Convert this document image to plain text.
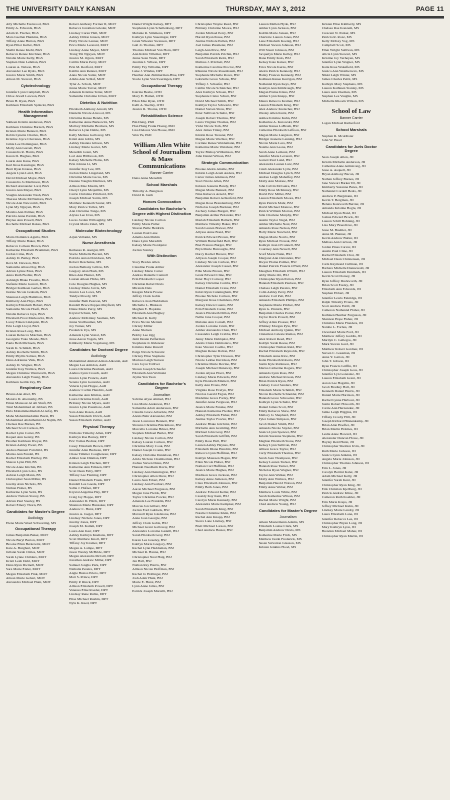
THE UNIVERSITY DAILY KANSAN	THURSDAY, MAY 3, 2012	PAGE 11
Ally Michelle Eastwood, BGS
Emily A. Edwards, BGS
Adam R. Fischer, BGS
Mara Luellen Hunkins, BGS
Tiffany Anne Hutton, BGS
Ryan Elliot Keller, BGS
Shelbi Renee Kiehl, BGS
Rebecca Renee Kirchner, BGS
Natalie Marie Kelly, BGS
Stephen Dale Lehman, BGS
Lauren A. Nelson, BGS
Alexander Lee Ryals, BGS
Jessica Marie Smith, BGS
Alison M. Stewart, BGS
Cytotechnology
Jennifer Lynn Campbell, BGS
Chloe Jewell Lawson, BGS
Brian H. Ryan, BGS
Kathleen Elizabeth Spilecki, BGS
Health Information Management
Sahleen Kristin Anderson, BGS
Kathleen Christine Bartsch, BGS
Kristen Marie Bennett, BGS
Robin Lynette Charles, BGS
Kristine Joyce Chavanes, BGS
Jamie Lee Dominguez, BGS
Molly Ann Garrett, BGS
Cassandra R. Harris, BGS
Karen D. Hughes, BGS
Laurie Ann Kane, BGS
Keri Rose Kessinger, BGS
Brett Ryan Krause, BGS
Angela Lynn Laird, BGS
David Michael Major, BGS
Cassandra Jo Martinson, BGS
Richard Alexander Lord, BGS
Jessica Ann Meyer, BGS
Vaughn Alexander Nash, BGS
Theresa Marie McNamara, BGS
Nicole Ann Newcomb, BGS
Lynn My Nguyen, BGS
Marsha Ann Palmer, BGS
Patricia Anne Parrish, BGS
Haylee Ann Powell, BGS
Rochelle Michael Rakes, BGS
Occupational Studies
Maria Dominica Aguila, BGS
Tiffany Marie Baker, BGS
Rebecca Colleen Brown, BGS
Katherine Elizabeth Brummett, BGS
Jordan Crine, BGS
Ashley D. Bailey, BGS
Reva M. Dawson, BGS
Samantha Alissa Day, BGS
Adrian Lynne Ensz, BGS
Anna Ruth Fiedler, BGS
Ashleigh Blake Fiorella, BGS
Stefanie Marie Garrett, BGS
Bridget Kathleen Gerber, BGS
Justine Nicole Graham, BGS
Shannon Leigh Hamilton, BGS
Kimberly Ann Hays, BGS
Kathryn Elizabeth Hebert, BGS
Samantha Nicole Hoeft, BGS
Natalie Rebecca Jaye, BGS
Elizabeth Frost Markowitz, BGS
Lacey Eileen Lindquist, BGS
Erin Leigh Lloyd, BGS
Kristen Rose Long, BGS
Lauren Rebecca Matchen, BGS
Georgette Yoko Meade, BGS
Paula Beth Michaels, BGS
Sarah K. Schmidt, BGS
Ashley Rochelle Smith, BGS
Emily Phyllis Saltzer, BGS
Dana Adrienne Vink, BGS
Ashley D. Wagner, BGS
Jennifer Kay Wallace, BGS
Megan Christine Wentworth, BGS
Alexandra Leigh Young, BGS
Kathleen Gerlik Zey, BS
Respiratory Care
Briana Ann Abel, BS
Monica D. Abernathy, BS
Eman Mansour Al Ali Shafi, BS
Talal Mohammed Al Jabberi, BS
Hala Mohammedmahdi Al Arfaj, BS
Maha Mohammedamin Bazzi, BS
Mohammed Abdulhamid Al Najim, BS
Chelsea Rae Barnes, BS
Michael Scott Carlson, BS
Rachel Lynn Carter, BS
Raquel Ann Gentry, BS
Heather Kathleen Dwyer, BS
Kristen Ashley Ewert, BS
Andrea Bennett Fairchild, BS
Marisa Ann Fendel, BS
Rachel Elizabeth Hartley, BS
Sharon Lynn Hill, BS
Nicole Anne Kitchin, BS
Elizabeth Lynn Lobo, BS
Ashton Leigh Mann, BS
Christopher Sean Miller, BS
Jeremy Alan Nichols, BS
Nathan Fisher, BS
Katharine Lynn Seitz, BS
Andrew Nelson Stacey, BS
Adrian Paul Steeley, BS
Robert Emery Thorn, BS
Candidates for Master's Degree
Audiology
Elena Marie Weed Schwarting, MS
Occupational Therapy
James Benjamin Baker, MOT
Nicole Beryl Barton, MOT
Brooke Ellen Berkowitz, MOT
Kate A. Burghart, MOT
Jullann Sarah Chiles, MOT
Sarah Lynne Childers, MOT
Kristi Leah Dahl, MOT
Dana Ryan Dwinell, MOT
Sara Marie Eisler, MOT
Megan Elizabeth Fink, MOT
Alison Marie Gebert, MOT
Alexandra Michael Hunt, MOT
Robert Anthony Fortner II, MOT
Rebecca Jonathan Grieder, MOT
Lindsey Carter Hall, MOT
Ashley Dillon Jensen, MOT
Holly Nicole Lenner, MOT
Erica Marie Leonard, MOT
Lindsay Anne Meyer, MOT
Trang Thi Nguyen, MOT
Jessica M. Ogren, MOT
Caitlin Marie Perry, MOT
Erin M. Redford, MOT
Kaitlin Ann Renner, MOT
Anna Nicole Sailer, MOT
Alisha Ann Schlaf, MOT
Tyler A. Scholz, MOT
Jenna Marie Tarver, MOT
Amanda Kristine Tetter, MOT
Samantha Christine Urban, MOT
Dietetics & Nutrition
Elizabeth Anthony Arnold, MS
Danielle Nicole Atwood, MS
Christina Renee Benda, MS
Katherine Anne Berkowitz, MS
Mallory Michelle Brothers, MS
Rebecca Lynn Dahle, MS
Kelly Melissa Galloway, MS
Kristi Ann Gibbs, MS
Ashley Deanna Gibson, MS
Lindsey Marie Gorter, MS
Meredith Grant, MS
Lori Ann Hillbrook, MS
Kelsey Michelle Hoins, MS
Erin Johnna Li, MS
Jennifer Kay Lee, MS
Jordan Marie Lingeland, MS
Christina Marie Lucas, MS
Deanna Vaughn Martinez, MS
Allison Mae Mastin, MS
Cheryl Lynn Mcquillin, MS
Carrie Christine Pritchard, MS
Joseph Michael Sartin, MS
Matthew Kenneth Sauter, MS
Mary Patrice Talbot, MS
Ann Christine Tonge, MS
Alyssa Lee Ursu, MS
Lucas Jordan Willoughby, MS
Crystal Maria Zakri, MS
Molecular Biotechnology
Arjun Vellanki, MS
Nurse Anesthesia
Rethessa R. Aseigui, MS
Stacie Michelle Bacani, MS
Patricia Anton Davidson, MS
Robert Deschaine, MS
Jordan Bethany Gillow, MS
Gregory Alan Hash, MS
Rhea Ann Hunter, MS
Lauren Aileen Hicks, MS
Cole Douglas Hughes, MS
Lindsay Marie Jarvis, MS
Jessica Lea Lowe, MS
Tandye Moody, MS
Jennifer Beth Pearson, MS
Randall Bruce Pepper-Mayfield, MS
Diane Marie Perry, MS
Krystal Schutz, MS
Andrew McKinley Seaman, MS
Jenna Stallbaumer, MS
Joy Turner, MS
Frederick Uys, MS
Amanda Lynn Vestal, MS
Jesse Aaron Vogels, MS
Kimberly Marie Vogelsang, MS
Candidates for Doctoral Degree
Audiology
Mohammad Ahmad Adnan Alkozah, AuD
Megan Lee Amidon, AuD
Laura Christine Bonham, AuD
Andrea Lynn Crouch, AuD
Jessica Lynn Francis, AuD
Serena Lynn Gonzales, AuD
Valerie Lynn Hoppe, AuD
Andrew Corbin Hendrix, AuD
Katherine Ann Klimas, AuD
Laura Christine Kraft, AuD
Brittany Nicole Myers, AuD
Jessica Lynn Passmore, AuD
Sara Anne Rosen, AuD
Susan Elizabeth Ulrich, AuD
Susan Elizabeth Zeiller, AuD
Physical Therapy
Nicholas Timothy Allen, DPT
Kathryn Rae Barney, DPT
Eric Tomas Bodnar, DPT
Casey Elizabeth Brown, DPT
Jennifer Alan Budreau, DPT
Chase Timmer Coughenour, DPT
Amber Jean Dinman, DPT
Kristen Leigh Eischen, DPT
Katherine Ann Eriksen, DPT
Scott Dean Felty, DPT
Tiffany Lee Fleming, DPT
Daniel Elizabeth Frank, DPT
Randall Lee Gaede, DPT
Sallie J. Hafner, DPT
Krystal Angeline Hay, DPT
Craig Jay Hoppe, DPT
Alexander D. Hitch, DPT
Shannon Marie Hunsaker, DPT
Andrew C. Hurst, DPT
Jessica A. Jaeger, DPT
Lindsey Nichole Jones, DPT
Jeremy Jones, DPT
Joseph M. Kamm, DPT
Laura Ann Kerr, DPT
Ashley Kathryn Knehans, DPT
Scott Matthew Knoll, DPT
Tiffany Joy Kramer, DPT
Megan A. Lampe, DPT
Jason Wesley McBride, DPT
Megan Alexandra McGill, DPT
Jonathan Andrew Miller, DPT
Samuel Jongho Park, DPT
Nathalia Pereira, DPT
Angie Bustos Prieto, DPT
Matt S. Prince, DPT
Emily P. Rinck, DPT
Allison Elizabeth Powell, DPT
Vanessa Elise Roeder, DPT
Lindsay Rene Ruble, DPT
Elise Michael Rushin, DPT
Nyla K. Reed, DPT
Daniel Wright Kelsey, DPT
Stephanie Lynn Schellenberg, DPT
Melanie R. Simmons, DPT
Kathryn Lynn Sneeringer, DPT
Grant Wheeler Swanson, DPT
Gail Jo Thomas, DPT
Thomas Michael Van Horn, DPT
Ann Robin Villemar, DPT
Jenne Sean Wade, DPT
Jeremie I. Wilson, DPT
Emily Fay Wiltamu, DPT
Luke J. Windus, DPT
Heather Ann Zimmerman-Hise, DPT
Stacie Lynn Van Sweringen, DPT
Occupational Therapy
Katrina Beebe, OTD
Mary E. Hamel, OTD
Ellen Mae Ryan, OTD
Kelli A. Skelley, OTD
Jessica R. Thorne, OTD
Rehabilitation Science
Bin Deng, PhD
Hon Hung Frank Hoang, PhD
Lisa Delores Van Hoose, PhD
Wen Yu, PhD
William Allen White School of Journalism & Mass Communications
Banner Carrier
Dena Anne Meredith
School Marshals
Timothy A. Bengtson
David R. Guth
Honors Convocation
Candidates for Bachelor's Degree with Highest Distinction
Lindsay Nicole Carlton
Emily Marie Fuller
Sharon Belle Heidrick
Lauren Paul Lane
Amelia Ann Mahin
Dana Lynn Meredith
Kelsey Marie Nordquist
Jordan Stanley
With Distinction
Stacy Bredes Allen
Claudine Frank Aliller
Lindsey Marie Carter
Andrea Danielle Cantrell
Erin Elizabeth Cooper
Christian Rebel Davis
Miranda Deis
Reagan Marie Froese
Jeffrey Clark Gable
Rebecca Jean Haddaman
Michelle L. Hinkson
Meghan E. Hopkins
Elizabeth Ann Hughey
Michael R. Kelly
Erica Nicole Mettam
Christy Miller
Anne Nielsen
Bobby Lee Ogg
Jami Deann Pefferman
Stephanie Jo Ridenour
Kristina Rene Ruwell
Paige Nicole Schwartz
Chrissy Elise Stephens
Marissa Leigh Stetson
Cara Joyce Tolliver
Shawn Joseph Schaefer
Elizabeth Ann Wolinski
Jayme Yen Tuan
Candidates for Bachelor's Degree
Journalism
Sabrina Alyse Ahmed, BSJ
Lisa Marie Anderson, BSJ
Samantha Adair Andersson, BSJ
Claudia Grace Arbuckle, BSJ
Alexis Bahr Alexander, BSJ
Jason Lawrence Bennett, BSJ
Shawna Christine Blackmore, BSJ
Marcella Lorraine Briner, BSJ
Stephen Michael Butler, BSJ
Lindsey Nicole Carlton, BSJ
Kelsey Lauren Carlson, BSJ
Christine Mary Cook, BSJ
Daniel Joseph Cronin, BSJ
Kelsey Christine Danielson, BSJ
Alicia Nichole Chamberlain, BSJ
Joshua Steven Dales, BSJ
Hannah Needham Davis, BSJ
Lindsey Ann Dennington, BSJ
Christopher Allen Drew, BSJ
Laura Jean Erbert, BSJ
Lindsey Ann Everhart, BSJ
Aaron Michael Ferguson, BSJ
Megan Jane Fields, BSJ
Taylor Christina Fowler, BSJ
Amanda Lee Franklin, BSJ
Marcus Jon Gilbert, BSJ
Jordan Ford Gubbels, BSJ
Maxwell Ryan Gladstone, BSJ
Anna Joan Georgie, BSJ
Jeffrey Clark Gable, BSJ
Michael Grant Galloway, BSJ
Alexandra Lorraine Gaskill, BSJ
Sarah Elizabeth Gray, BSJ
Karen Lee Greeley, BSJ
Kaitlyn Marie Gregory, BSJ
Rachel Lynn Haddaman, BSJ
Michael R. Hanna, BSJ
Christopher Neal Haig, BSJ
Jan Hall, BSJ
Nathan Ray Harris, BSJ
Allison Nicole Hoffman, BSJ
Rachel Jo Hollinger, BSJ
Josh Adair Hunt, BSJ
Marie E. Hurst, BSJ
Lynn Anne Jalisa, BSJ
Patrick Joseph Martelli, BSJ
Christopher Wayne Reed, BSJ
Brittany Christine Moore, BSJ
Jordan Michael Perry, BSJ
Harold Ryan Pease, BSJ
Justine Nichole Pullen, BSJ
Joel James Plasmeier, BSJ
Leigh Ann Price, BSJ
Benjamin Patrick Prichin, BSJ
Sarah Elizabeth Reitz, BSJ
Melissa J. Pritchett, BSJ
Katherine Caroline Proctor, BSJ
Rhianna Nicole Rosenbaum, BSJ
Stephanie Michelle Rowe, BSJ
Gabrielle Grace Schans, BSJ
Tiffany J. Schaefer, BSJ
Caitlin Nicole Schleicher, BSJ
Alex Kathryn Schoen, BSJ
Stephanie Claire Schutt, BSJ
David Michael Smith, BSJ
Kathlyn Taylor Schwartz, BSJ
Daniel Steven Shaw, BSJ
Peter Sullivan Schultz, BSJ
Joseph Robert Thomas, BSJ
Laura Virginia Thomas, BSJ
Vicki Nicole Toth, BSJ
Alex James Tinley, BSJ
Kirstin Rose Treaster, BSJ
Megan Marie Wachter, BSJ
Corinne Renee Weidemann, BSJ
Katherine Marie Weishaar, BSJ
Taylor Bishop Williamson, BSJ
John Daniel Wilson, BSJ
Strategic Communication
Brooke Alexis Ainslie, BSJ
Kristin Leigh Aram Anders, BSJ
Carter James Atkinson, BSJ
Staci Nicole Allen, BSJ
Kristen Jeanette Bandy, BSJ
Megan Marie Bennett, BSJ
Nina Rebecca Arnold, BSJ
Benjamin Robert Achterfeld, BSJ
Megan Rose Brandenburg, BSJ
Nicholas Joseph Buckner, BSJ
Zachary James Burgett, BSJ
Benjamin Arthur Bolander, BSJ
Mariah Elizabeth Balluch, BSJ
Matthew Timothy Baker, BSJ
Sarah Lauren Brewer, BSJ
Allyssa Anne Bond, BSJ
Patrick Edward Brown, BSJ
William Butterfield Bell, BSJ
Bret Frances Burger, BSJ
Bryn Marie Burroughs, BSJ
Darcy Rachel Brewer, BSJ
Allyson Joseph Cooper, BSJ
Lindsey Nicole Carlson, BSJ
Alexander Joseph Cassel, BSJ
Ellie Marie Brown, BSJ
Grant Edward Cline, BSJ
Peter Hoyt Conway, BSJ
Kelsey Christine Combs, BSJ
Daniel Elizabeth Crane, BSJ
Kristi Ryan Cunningham, BSJ
Brooke Nichole Carlson, BSJ
Margaret Rose Chambers, BSJ
Kelsey Dawn Counts, BSJ
Erin Elizabeth Carter, BSJ
Jessica Elizabeth Dillon, BSJ
Nellie Jane Cooper, BSJ
Melanie Ann Cornell, BSJ
Jordan Lorraine Crum, BSJ
Amber Alexandra Chen, BSJ
Cassandra Leigh Crabbe, BSJ
Jenny Marie Dahlquist, BSJ
Alexis Claire Delmonico, BSJ
Kate Vincent Coelho, BSJ
Meghan Renee Dalton, BSJ
Christopher Tyler Dawson, BSJ
Nicole LeRae Davidson, BSJ
Christine Marie Devine, BSJ
Joseph Michael Dunaway, BSJ
Jordan Alyssa Ebert, BSJ
Lindsey Marie Edwards, BSJ
Kyle Elizabeth Emmett, BSJ
Kelly Ann Evans, BSJ
Virginia Rose Evelyn, BSJ
Nicolas Gerald Fagan, BSJ
Madeline Grace Farley, BSJ
Jennifer Anne Ferguson, BSJ
Jessica Marie Fenske, BSJ
Hannah Katherine Fiedler, BSJ
Ashley Elizabeth Fisher, BSJ
Justine Taylor Fowler, BSJ
Andrew Blake Gilchrist, BSJ
Michelle Ann Gramling, BSJ
Michael John Gray, BSJ
Sarah Elizabeth Griffith, BSJ
Emily Rose Hall, BSJ
Lauren Ashley Haynes, BSJ
Elizabeth Diane Hendrix, BSJ
Rebecca Lynn Hoffman, BSJ
Kaitlyn Maureen Hogan, BSJ
Ellen Nicole Huber, BSJ
Nathan Carl Huffman, BSJ
Jessica Marie Hughes, BSJ
Madison Grace Jackson, BSJ
Kelsey Anne Jameson, BSJ
Clare Elizabeth Johnson, BSJ
Emily Beth Jones, BSJ
Andrew Edward Keller, BSJ
Cassidy Kay Kent, BSJ
Carolyn Marie Kennedy, BSJ
Alexandra Marie Kempker, BSJ
Sarah Elizabeth King, BSJ
Natalie Christine Klein, BSJ
Rachel Ann Knapp, BSJ
Sierra Lane Lindsey, BSJ
Brett Michael Larson, BSJ
Chad Andrew Hester, BSJ
Lauren Mellen Hyde, BSJ
Amber Lynn Jackson, BSJ
Kaitlin Marie Jansen, BSJ
Charlotte Lauren Jones, BSJ
Lane Elizabeth Koenig, BSJ
Michael Steven Johnson, BSJ
Will Stuart Johnson, BSJ
Jacquelyn Marie Kelley, BSJ
Dana Emily Kalo, BSJ
Kelsey Kate Kaiser, BSJ
Erica Nicole Kerns, BSJ
Alexis Patrick Kennedy, BSJ
Hailey Frances Kennedy, BSJ
Kathleen Renee Kerrigan, BSJ
Nathaniel Ryan Keys, BSJ
Katelyn Ann Kimbrough, BSJ
Megan Elaine Klaus, BSJ
Amber Lynn Knapp, BSJ
Maura Rebecca Kramer, BSJ
Lauren Elizabeth Krug, BSJ
Alex Andrew Kreischer, BSJ
Wesley Allen Kurtz, BSJ
Ashlee Kristine Kuhn, BSJ
Katharine A. Kurowski, BSJ
Amber Renee LaBrash, BSJ
Catherine Elizabeth Laffoon, BSJ
Megan Marie Langston, BSJ
Bridget Jeanette Lanning, BSJ
Nicole Marie Lara, BSJ
Natalie Ann Leone, BSJ
Sarah Anne Lemaux, BSJ
Jennifer Marie Leverett, BSJ
Garrett Paul Lund, BSJ
Alexandra Lauren Lutz, BSJ
Caleb Alexander Lytle, BSJ
Michael Douglas Lynch, BSJ
Andrea Leigh Mahaffey, BSJ
Molly Ann Malone, BSJ
John Calvin McGuire, BSJ
Emily Rose McKinney, BSJ
David Eric Miller, BSJ
Lauren Elizabeth Moore, BSJ
Ryan Patrick Mohr, BSJ
David Michael Monroe, BSJ
Patrick William Morton, BSJ
Julie Charlene Murphy, BSJ
Austin Taylor Nagel, BSJ
Amber Michelle Neal, BSJ
Amanda Rose Nelson, BSJ
Holly Marie Newbold, BSJ
Megan Marie Norris, BSJ
Ryan Michael Nowak, BSJ
Kathryn Jean O'Connell, BSJ
Courtney Ann Newell, BSJ
Scarf Marie Nunn, BSJ
Margaret Ann Ostrander, BSJ
Dwyer Elaine Palmer, BSJ
Daniel Patrick Francis O'Neil, BSJ
Meaghan Elizabeth O'Neill, BSJ
Abby Marie Ott, BSJ
Christopher Ryan Patton, BSJ
Hannah Elizabeth Paulson, BSJ
Chelsea Leigh Pereira, BSJ
Colin Ashley Perry, BSJ
Andrew Carl Pett, BSJ
Amanda Elizabeth Phillips, BSJ
Stephanie Marie Pilcher, BSJ
Ryan G. Pinnick, BSJ
Benjamin Charles Porter, BSJ
Taylor Davis Powell, BSJ
Jeffrey Allen Prosser, BSJ
Whitney Morgan Pyle, BSJ
Michael Anthony Quinn, BSJ
Cinnamon Celeste Ramos, BSJ
Alex Robert Reed, BSJ
Kaitlyn Sarah Reese, BSJ
Christopher Nathan Reid, BSJ
Rachel Elizabeth Reynolds, BSJ
Elizabeth Anne Rice, BSJ
Katie Elizabeth Roberts, BSJ
Justin Kyle Robinson, BSJ
Marisa Catherine Rogers, BSJ
Amanda Lynn Ross, BSJ
Andrew Michael Rowan, BSJ
Brian Patrick Ryan, BSJ
Lindsay Carol Sanders, BSJ
Elizabeth Marie Schmidt, BSJ
Nicole Rochelle Schneider, BSJ
Hannah Grace Schroeder, BSJ
Kathryn Lynn Schultz, BSJ
Daniel James Scott, BSJ
Emily Rebecca Shaw, BSJ
Mallory Jo Shepherd, BSJ
Tyler James Simpson, BSJ
Jacob Daniel Smith, BSJ
Amanda Nicole Snyder, BSJ
Jessica Lynn Spencer, BSJ
Kristin Suzanne Stephens, BSJ
Meghan Elizabeth Stone, BSJ
Kelsey Lynn Sullivan, BSJ
Allison Grace Taylor, BSJ
Carly Elizabeth Thomas, BSJ
Sarah Joan Thompson, BSJ
Kelsey Lauren Tucker, BSJ
Hannah Rose Turner, BSJ
Nicholas Ryan Wagner, BSJ
Taylor Ann Walker, BSJ
Molly Ann Wallace, BSJ
Benjamin Harold Watson, BSJ
Emily Anne Weber, BSJ
Matthew Louis White, BSJ
Sarah Katherine Wilson, BSJ
Rachel Marie Wright, BSJ
Chad Andrew Young, BSJ
Candidates for Master's Degree
Journalism
Aileen Mastermann Adams, MS
Elizabeth Louise Clark, MS
Benjamin Andrew Davis, MS
Katherine Marie Fitch, MS
Matthew Justin Frederick, MS
Susan Salvation Gleason, MS
Kristen Jenkins Hood, MS
Kristen Elise Kimberly, MS
Chelsea Rae Konzem, MS
Crescent N. Parker, MS
Patricia R. Rozz, MS
Kelly McKay Vog, MS
Campbell Scott, MS
Ellen Wright Sullivan, MS
Alicia Lynn Stewart, MS
Kristine Joy Verheyen, MS
Jennifer Lynn Wagner, MS
Katie Rose Wakefield, MS
Jessica Ann Weatherwax, MS
Nikki Leigh Winter, MS
James Charles Pettit, MS
Kathryn Mary Stephens, MS
Lauren Kathleen Stanley, MS
Laura Ann Ukeman, MS
Stephen Lee Vaughn, MS
Michelle Rhoads Wilson, MS
School of Law
Banner Carrier
Logan Michael Rutherford
School Marshals
Stephen R. McAllister
John W. Head
Candidates for Juris Doctor Degree
Sean Joseph Allen, JD
Kristin Michelle Anderson, JD
Catherine Anne Armstrong, JD
Jesse A. Asquell, JD
Bryan Anthony Bacon, JD
Nathan Jeffrey Barnes, JD
Jane Stewart Barker III, JD
Kimberly Suzanne Bates, JD
Nathaniel Cordell Beals, JD
Andrew P. Bergmann, JD
Kevin T. Bergman, JD
Helena Kateworth Berrier, JD
Amanda Kristine Bogle, JD
Michael Ryan Bond, JD
Joshua Edward Brock, JD
Lauren Schill Bohning, JD
Lisa Mary Breedlove, JD
Jesse M. Buehler, JD
Anna M. Bunner, JD
Kevin Andrew Butler, JD
Melissa Ann Carlson, JD
Jordan Pines Carver, JD
Austin Paul Cline, JD
Rachel Elizabeth Choi, JD
Michael Dean Christensen, JD
Carla Raymond Cullinan, JD
Barbara Michelle Dannewald, JD
Lauren Elizabeth Denmark, JD
Kevin Scott Dorsey, JD
Ryan Jeffrey Duckworth, JD
Brian Scott Easley, JD
Elizabeth Ann Edwards, JD
Stephen Ebbert, JD
Jennifer Lewis Eskridge, JD
Ralph Timothy Evans, JD
Scott Andrew Estill, JD
Cameron Nathaniel Fisher, JD
Kathleen Heather Ferguson, JD
Shannon Hope Fisher, JD
Christina Marie Flanders, JD
Natalie L. Forbes, JD
Cleveland Marie Ford, JD
Matthew Jeffery Gaddis, JD
Marilyn C. Gallegos, JD
Mark Steven Gard, JD
Matthew Robert Gardner, JD
Steven C. Gassman, JD
Anna Y. Gatton, JD
John T. Gibson, JD
Ryan Francis Griffin, JD
Christopher Joseph Goss, JD
Jennifer Lyn Gonzalez, JD
Lauren Elizabeth Grant, JD
Aaron Lee Hagelin, JD
Jacob Bradley Hall, JD
Kenneth Daniel Harris, JD
Daniel Marie Harrison, JD
Rachel Lynne Harbour, JD
Justin Robert Haworth, JD
Carrie Ann Hernandez, JD
Jamie Leigh Higgins, JD
Tiffany Crosby Hill, JD
Joseph Richard Hinnenkamp, JD
Brian Alan Hoefler, JD
Brian Martin Holmes, JD
Leslie Anne Howard, JD
Alexander Duncan Howe, JD
Hayley Reid Hurst, JD
Christopher Sheldon Irvin, JD
Ruth Marie Jackson, JD
Jessica Lynn Jenkins, JD
Angela Marie Johnson, JD
Christopher Thomas Johnson, JD
Erin L. Jones, JD
Carolyn Bottini Kaler, JD
Adam Michael Kelly, JD
Jennifer Sarah Kent, JD
Christopher Ryan King, JD
Erik Christian Kjellberg, JD
Patrick Andrew Kline, JD
Cameron Ruth Koehler, JD
Erin Marie Kreps, JD
Jeffrey Michael Kuhn, JD
Lindsay Marie Landry, JD
Laura Elizabeth Lane, JD
Jennifer Rebecca Lee, JD
Christopher Bryan Long, JD
Mary Kathryn Lyon, JD
Brendan Michael Maher, JD
Christopher Ryan Martin, JD
